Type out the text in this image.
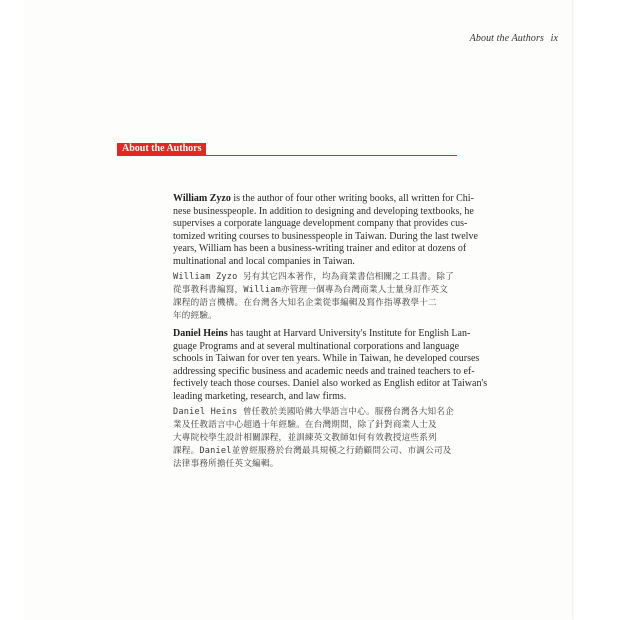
About the Authors ix
About the Authors

William Zyzo is the author of four other writing books, all written for Chi-
nese businesspeople. In addition to designing and developing textbooks, he
supervises a corporate language development company that provides cus-
tomized writing courses to businesspeople in Taiwan. During the last twelve
years, William has been a business-writing trainer and editor at dozens of
multinational and local companies in Taiwan.

William Zyzo 另有其它四本著作，均為商業書信相關之工具書。除了
從事教科書編寫，William亦管理一個專為台灣商業人士量身訂作英文
課程的語言機構。在台灣各大知名企業從事編輯及寫作指導教學十二
年的經驗。

Daniel Heins has taught at Harvard University's Institute for English Lan-
guage Programs and at several multinational corporations and language
schools in Taiwan for over ten years. While in Taiwan, he developed courses
addressing specific business and academic needs and trained teachers to ef-
fectively teach those courses. Daniel also worked as English editor at Taiwan's
leading marketing, research, and law firms.

Daniel Heins 曾任教於美國哈佛大學語言中心。服務台灣各大知名企
業及任教語言中心超過十年經驗。在台灣期間，除了針對商業人士及
大專院校學生設計相關課程，並訓練英文教師如何有效教授這些系列
課程。Daniel並曾經服務於台灣最具規模之行銷顧問公司、市調公司及
法律事務所擔任英文編輯。
